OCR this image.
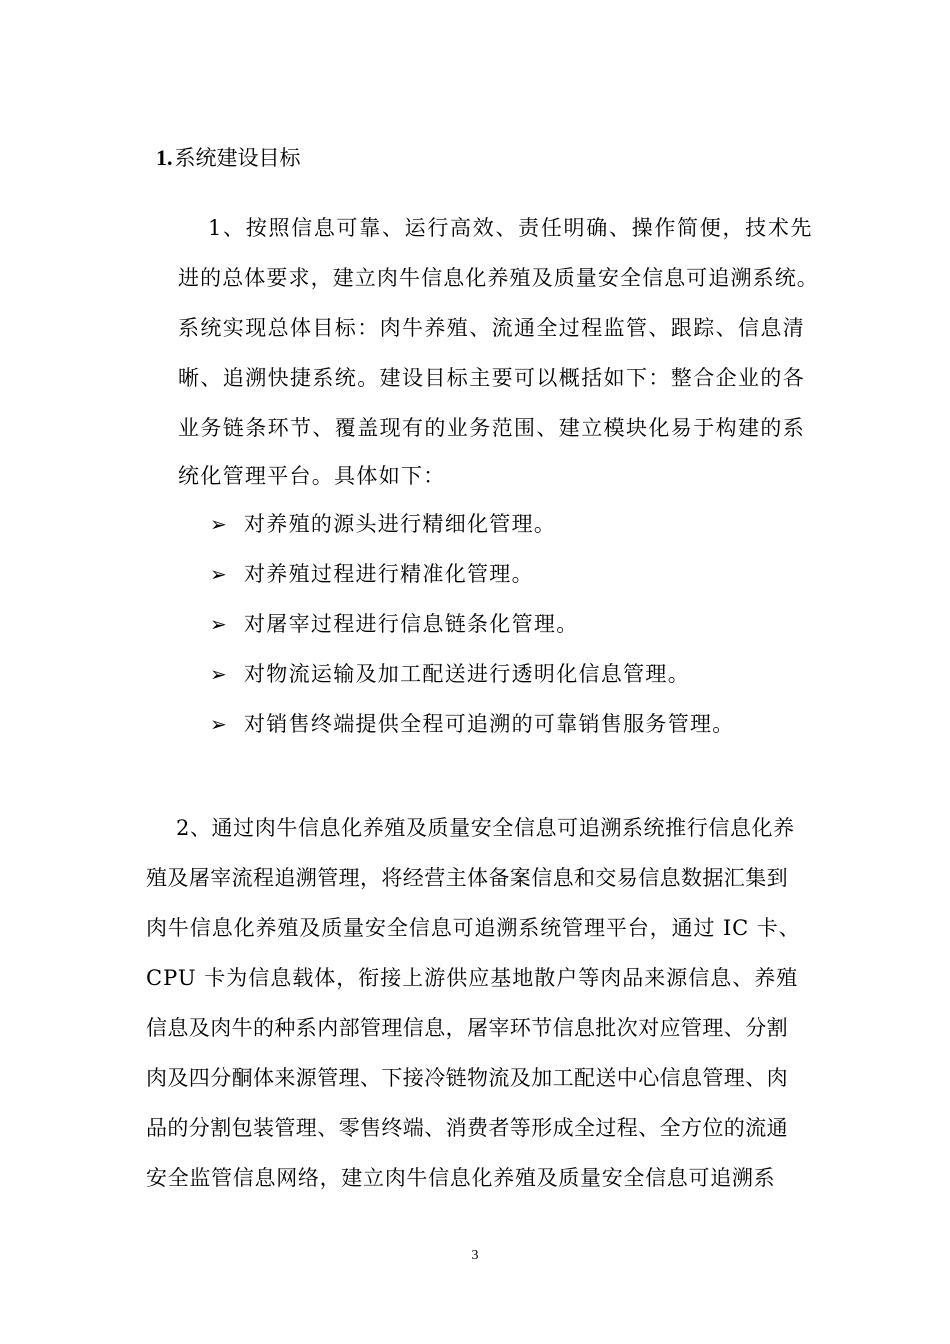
1.系统建设目标
1、按照信息可靠、运行高效、责任明确、操作简便，技术先
进的总体要求，建立肉牛信息化养殖及质量安全信息可追溯系统。
系统实现总体目标：肉牛养殖、流通全过程监管、跟踪、信息清
晰、追溯快捷系统。建设目标主要可以概括如下：整合企业的各
业务链条环节、覆盖现有的业务范围、建立模块化易于构建的系
统化管理平台。具体如下：
➢ 对养殖的源头进行精细化管理。
➢ 对养殖过程进行精准化管理。
➢ 对屠宰过程进行信息链条化管理。
➢ 对物流运输及加工配送进行透明化信息管理。
➢ 对销售终端提供全程可追溯的可靠销售服务管理。
2、通过肉牛信息化养殖及质量安全信息可追溯系统推行信息化养
殖及屠宰流程追溯管理，将经营主体备案信息和交易信息数据汇集到
肉牛信息化养殖及质量安全信息可追溯系统管理平台，通过 IC 卡、
CPU 卡为信息载体，衔接上游供应基地散户等肉品来源信息、养殖
信息及肉牛的种系内部管理信息，屠宰环节信息批次对应管理、分割
肉及四分酮体来源管理、下接冷链物流及加工配送中心信息管理、肉
品的分割包装管理、零售终端、消费者等形成全过程、全方位的流通
安全监管信息网络，建立肉牛信息化养殖及质量安全信息可追溯系
3
